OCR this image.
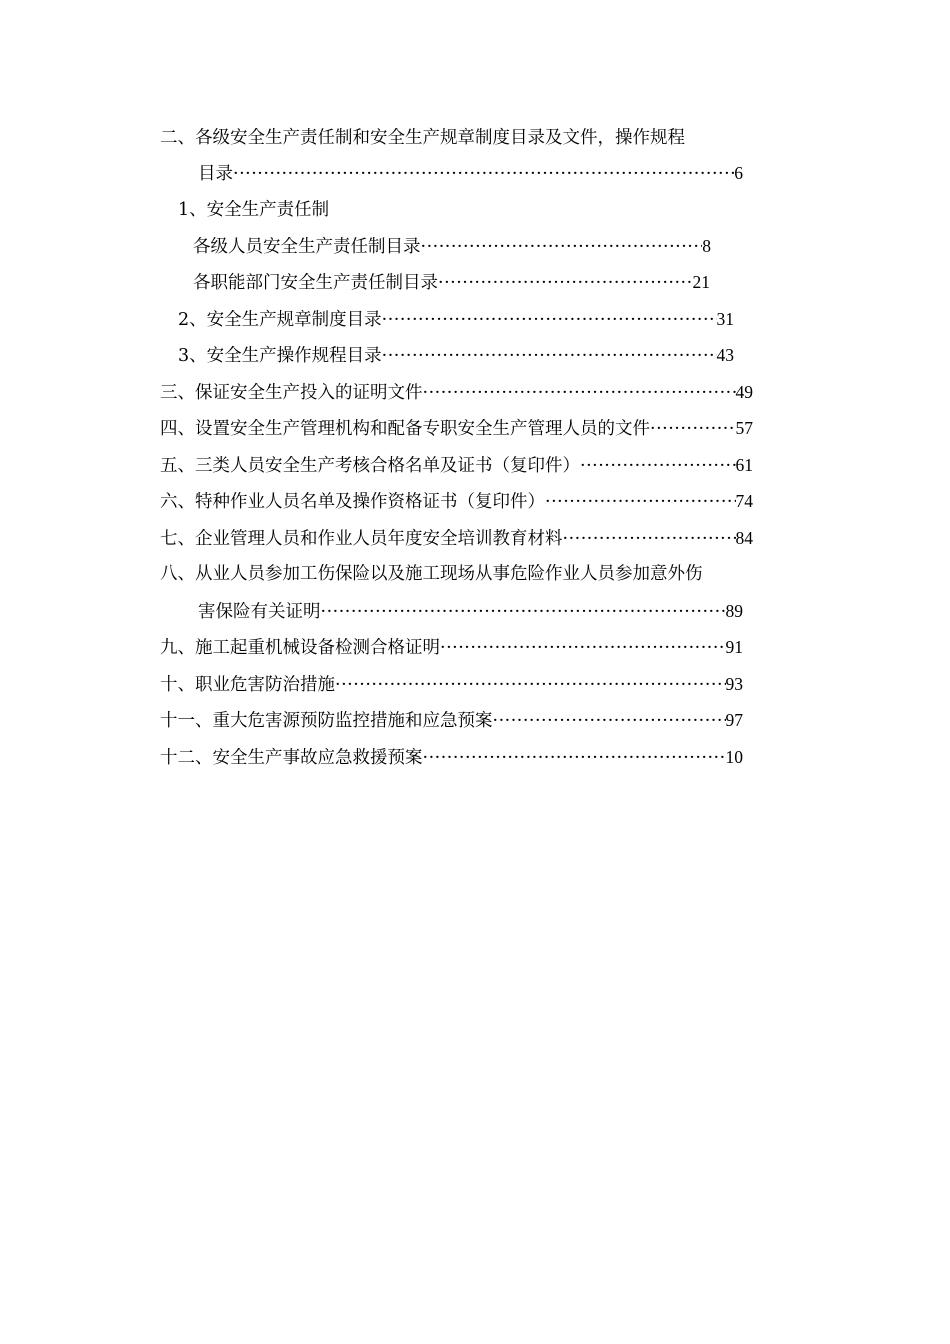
二、各级安全生产责任制和安全生产规章制度目录及文件，操作规程
目录 ·····	6
1、安全生产责任制
各级人员安全生产责任制目录 ·····	8
各职能部门安全生产责任制目录 ·····	21
2、安全生产规章制度目录 ·····	31
3、安全生产操作规程目录 ·····	43
三、保证安全生产投入的证明文件 ·····	49
四、设置安全生产管理机构和配备专职安全生产管理人员的文件 ·····	57
五、三类人员安全生产考核合格名单及证书（复印件） ·····	61
六、特种作业人员名单及操作资格证书（复印件） ·····	74
七、企业管理人员和作业人员年度安全培训教育材料 ·····	84
八、从业人员参加工伤保险以及施工现场从事危险作业人员参加意外伤
害保险有关证明 ·····	89
九、施工起重机械设备检测合格证明 ·····	91
十、职业危害防治措施 ·····	93
十一、重大危害源预防监控措施和应急预案 ·····	97
十二、安全生产事故应急救援预案 ·····	10
